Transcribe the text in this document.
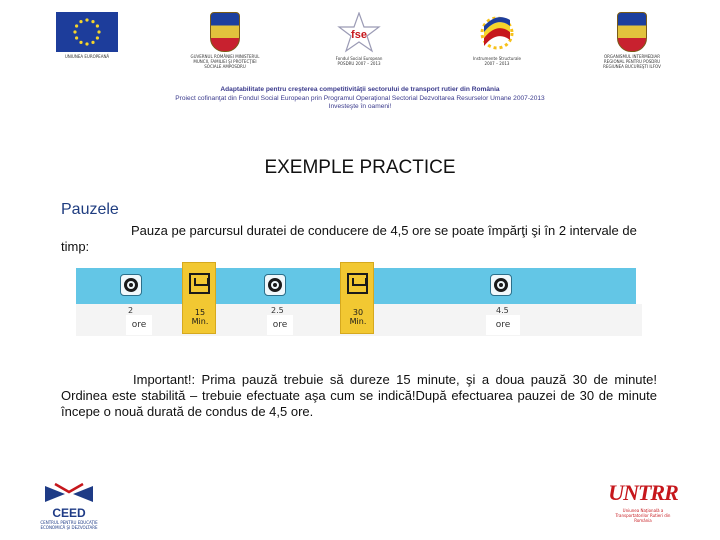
UNIUNEA EUROPEANĂ	GUVERNUL ROMÂNIEI MINISTERUL MUNCII, FAMILIEI ŞI PROTECŢIEI SOCIALE AMPOSDRU
fse
Fondul Social European POSDRU 2007 – 2013
Instrumente Structurale 2007 – 2013
ORGANISMUL INTERMEDIAR REGIONAL PENTRU POSDRU REGIUNEA BUCUREŞTI ILFOV
Adaptabilitate pentru creşterea competitivităţii sectorului de transport rutier din România
Proiect cofinanţat din Fondul Social European prin Programul Operaţional Sectorial Dezvoltarea Resurselor Umane 2007-2013
Investeşte în oameni!
EXEMPLE PRACTICE
Pauzele
Pauza pe parcursul duratei de conducere de 4,5 ore se poate împărţi şi în 2 intervale de timp:
2
ore
15
Min.
2.5
ore
30
Min.
4.5
ore
Important!: Prima pauză trebuie să dureze 15 minute, şi a doua pauză 30 de minute! Ordinea este stabilită – trebuie efectuate aşa cum se indică!După efectuarea pauzei de 30 de minute începe o nouă durată de condus de 4,5 ore.
CEED
CENTRUL PENTRU EDUCAŢIE ECONOMICĂ ŞI DEZVOLTARE
UNTRR
Uniunea Naţională a Transportatorilor Rutieri din România
